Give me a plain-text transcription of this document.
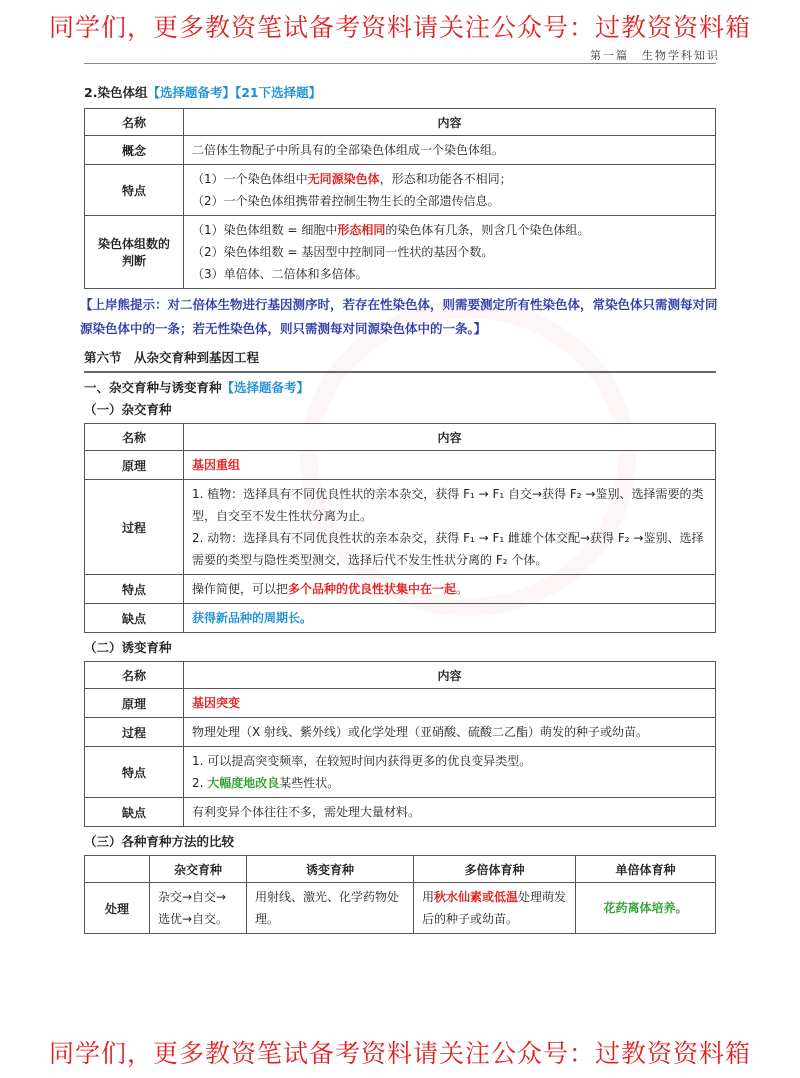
同学们，更多教资笔试备考资料请关注公众号：过教资资料箱
第一篇　生物学科知识

2.染色体组【选择题备考】【21下选择题】

名称	内容
概念	二倍体生物配子中所具有的全部染色体组成一个染色体组。
特点	（1）一个染色体组中无同源染色体，形态和功能各不相同；
（2）一个染色体组携带着控制生物生长的全部遗传信息。

染色体组数的判断	（1）染色体组数 = 细胞中形态相同的染色体有几条，则含几个染色体组。
（2）染色体组数 = 基因型中控制同一性状的基因个数。
（3）单倍体、二倍体和多倍体。
【上岸熊提示：对二倍体生物进行基因测序时，若存在性染色体，则需要测定所有性染色体，常染色体只需测每对同源染色体中的一条；若无性染色体，则只需测每对同源染色体中的一条。】
第六节　从杂交育种到基因工程
一、杂交育种与诱变育种【选择题备考】
（一）杂交育种
名称	内容
原理	基因重组
过程	1. 植物：选择具有不同优良性状的亲本杂交，获得 F₁ → F₁ 自交→获得 F₂ →鉴别、选择需要的类型，自交至不发生性状分离为止。
2. 动物：选择具有不同优良性状的亲本杂交，获得 F₁ → F₁ 雌雄个体交配→获得 F₂ →鉴别、选择需要的类型与隐性类型测交，选择后代不发生性状分离的 F₂ 个体。

特点	操作简便，可以把多个品种的优良性状集中在一起。
缺点	获得新品种的周期长。
（二）诱变育种
名称	内容
原理	基因突变
过程	物理处理（X 射线、紫外线）或化学处理（亚硝酸、硫酸二乙酯）萌发的种子或幼苗。
特点	1. 可以提高突变频率，在较短时间内获得更多的优良变异类型。
2. 大幅度地改良某些性状。

缺点	有利变异个体往往不多，需处理大量材料。
（三）各种育种方法的比较
	杂交育种	诱变育种	多倍体育种	单倍体育种
处理	杂交→自交→选优→自交。	用射线、激光、化学药物处理。	用秋水仙素或低温处理萌发后的种子或幼苗。	花药离体培养。
同学们，更多教资笔试备考资料请关注公众号：过教资资料箱
